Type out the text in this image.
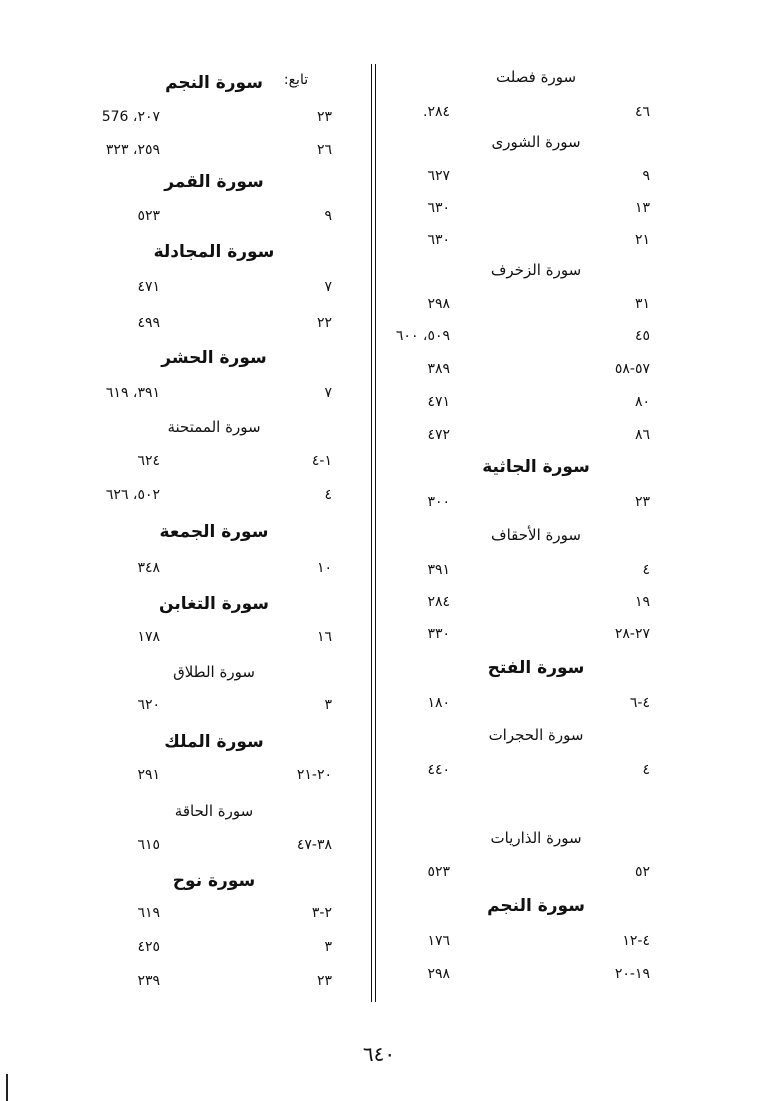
تابع:
سورة النجم
٢٣
٢٠٧، 576
٢٦
٢٥٩، ٣٢٣
سورة القمر
٩
٥٢٣
سورة المجادلة
٧
٤٧١
٢٢
٤٩٩
سورة الحشر
٧
٣٩١، ٦١٩
سورة الممتحنة
١-٤
٦٢٤
٤
٥٠٢، ٦٢٦
سورة الجمعة
١٠
٣٤٨
سورة التغابن
١٦
١٧٨
سورة الطلاق
٣
٦٢٠
سورة الملك
٢٠-٢١
٢٩١
سورة الحاقة
٣٨-٤٧
٦١٥
سورة نوح
٢-٣
٦١٩
٣
٤٢٥
٢٣
٢٣٩
سورة فصلت
٤٦
٢٨٤.
سورة الشورى
٩
٦٢٧
١٣
٦٣٠
٢١
٦٣٠
سورة الزخرف
٣١
٢٩٨
٤٥
٥٠٩، ٦٠٠
٥٧-٥٨
٣٨٩
٨٠
٤٧١
٨٦
٤٧٢
سورة الجاثية
٢٣
٣٠٠
سورة الأحقاف
٤
٣٩١
١٩
٢٨٤
٢٧-٢٨
٣٣٠
سورة الفتح
٤-٦
١٨٠
سورة الحجرات
٤
٤٤٠
سورة الذاريات
٥٢
٥٢٣
سورة النجم
٤-١٢
١٧٦
١٩-٢٠
٢٩٨
٦٤٠
